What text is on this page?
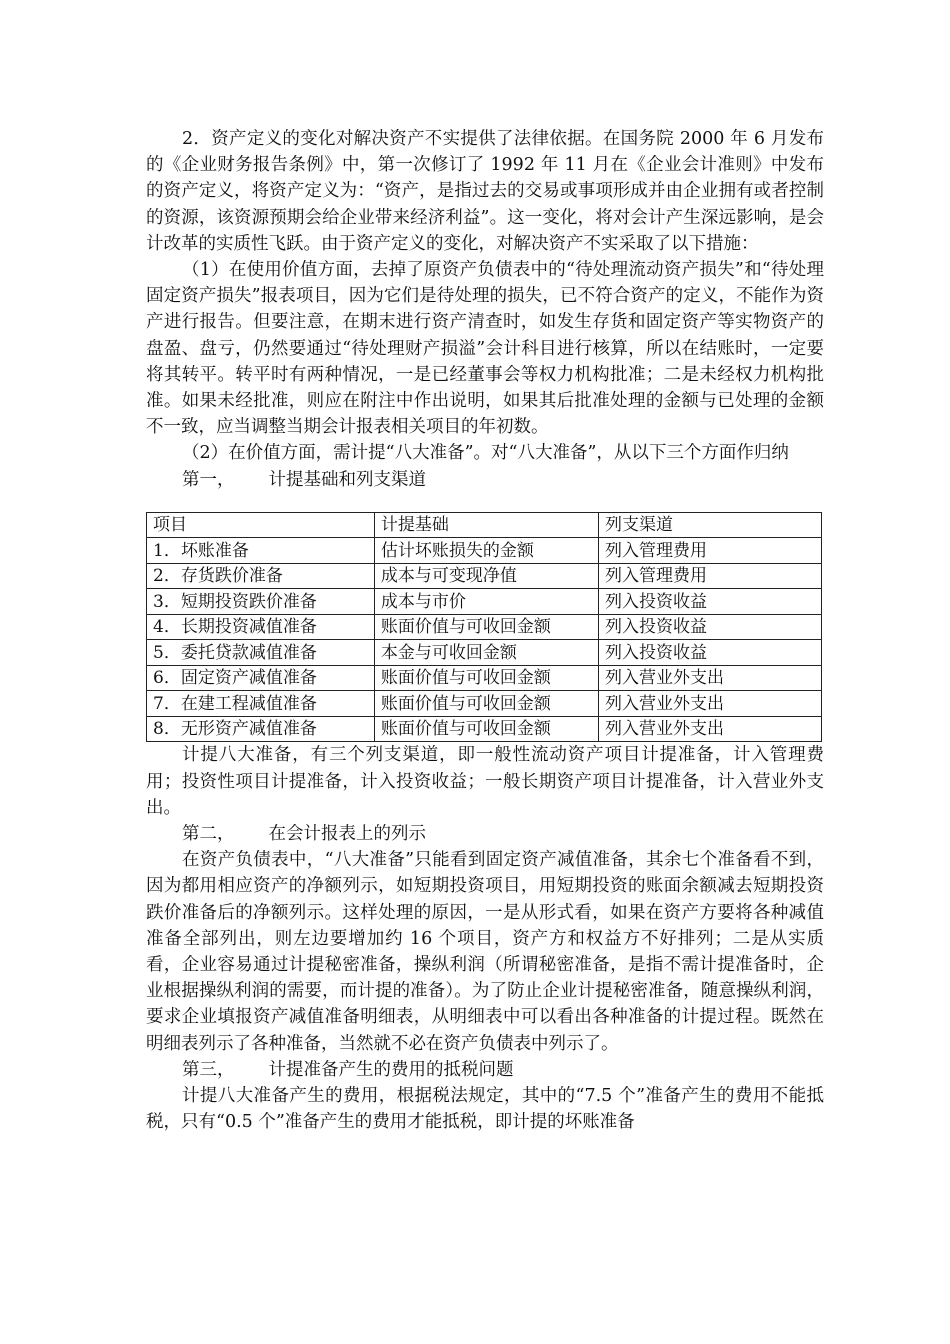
2．资产定义的变化对解决资产不实提供了法律依据。在国务院 2000 年 6 月发布的《企业财务报告条例》中，第一次修订了 1992 年 11 月在《企业会计准则》中发布的资产定义，将资产定义为：“资产，是指过去的交易或事项形成并由企业拥有或者控制的资源，该资源预期会给企业带来经济利益”。这一变化，将对会计产生深远影响，是会计改革的实质性飞跃。由于资产定义的变化，对解决资产不实采取了以下措施：

（1）在使用价值方面，去掉了原资产负债表中的“待处理流动资产损失”和“待处理固定资产损失”报表项目，因为它们是待处理的损失，已不符合资产的定义，不能作为资产进行报告。但要注意，在期末进行资产清查时，如发生存货和固定资产等实物资产的盘盈、盘亏，仍然要通过“待处理财产损溢”会计科目进行核算，所以在结账时，一定要将其转平。转平时有两种情况，一是已经董事会等权力机构批准；二是未经权力机构批准。如果未经批准，则应在附注中作出说明，如果其后批准处理的金额与已处理的金额不一致，应当调整当期会计报表相关项目的年初数。

（2）在价值方面，需计提“八大准备”。对“八大准备”，从以下三个方面作归纳

第一， 计提基础和列支渠道

项目	计提基础	列支渠道
1．坏账准备	估计坏账损失的金额	列入管理费用
2．存货跌价准备	成本与可变现净值	列入管理费用
3．短期投资跌价准备	成本与市价	列入投资收益
4．长期投资减值准备	账面价值与可收回金额	列入投资收益
5．委托贷款减值准备	本金与可收回金额	列入投资收益
6．固定资产减值准备	账面价值与可收回金额	列入营业外支出
7．在建工程减值准备	账面价值与可收回金额	列入营业外支出
8．无形资产减值准备	账面价值与可收回金额	列入营业外支出

计提八大准备，有三个列支渠道，即一般性流动资产项目计提准备，计入管理费用；投资性项目计提准备，计入投资收益；一般长期资产项目计提准备，计入营业外支出。

第二， 在会计报表上的列示

在资产负债表中，“八大准备”只能看到固定资产减值准备，其余七个准备看不到，因为都用相应资产的净额列示，如短期投资项目，用短期投资的账面余额减去短期投资跌价准备后的净额列示。这样处理的原因，一是从形式看，如果在资产方要将各种减值准备全部列出，则左边要增加约 16 个项目，资产方和权益方不好排列；二是从实质看，企业容易通过计提秘密准备，操纵利润（所谓秘密准备，是指不需计提准备时，企业根据操纵利润的需要，而计提的准备）。为了防止企业计提秘密准备，随意操纵利润，要求企业填报资产减值准备明细表，从明细表中可以看出各种准备的计提过程。既然在明细表列示了各种准备，当然就不必在资产负债表中列示了。

第三， 计提准备产生的费用的抵税问题

计提八大准备产生的费用，根据税法规定，其中的“7.5 个”准备产生的费用不能抵税，只有“0.5 个”准备产生的费用才能抵税，即计提的坏账准备
